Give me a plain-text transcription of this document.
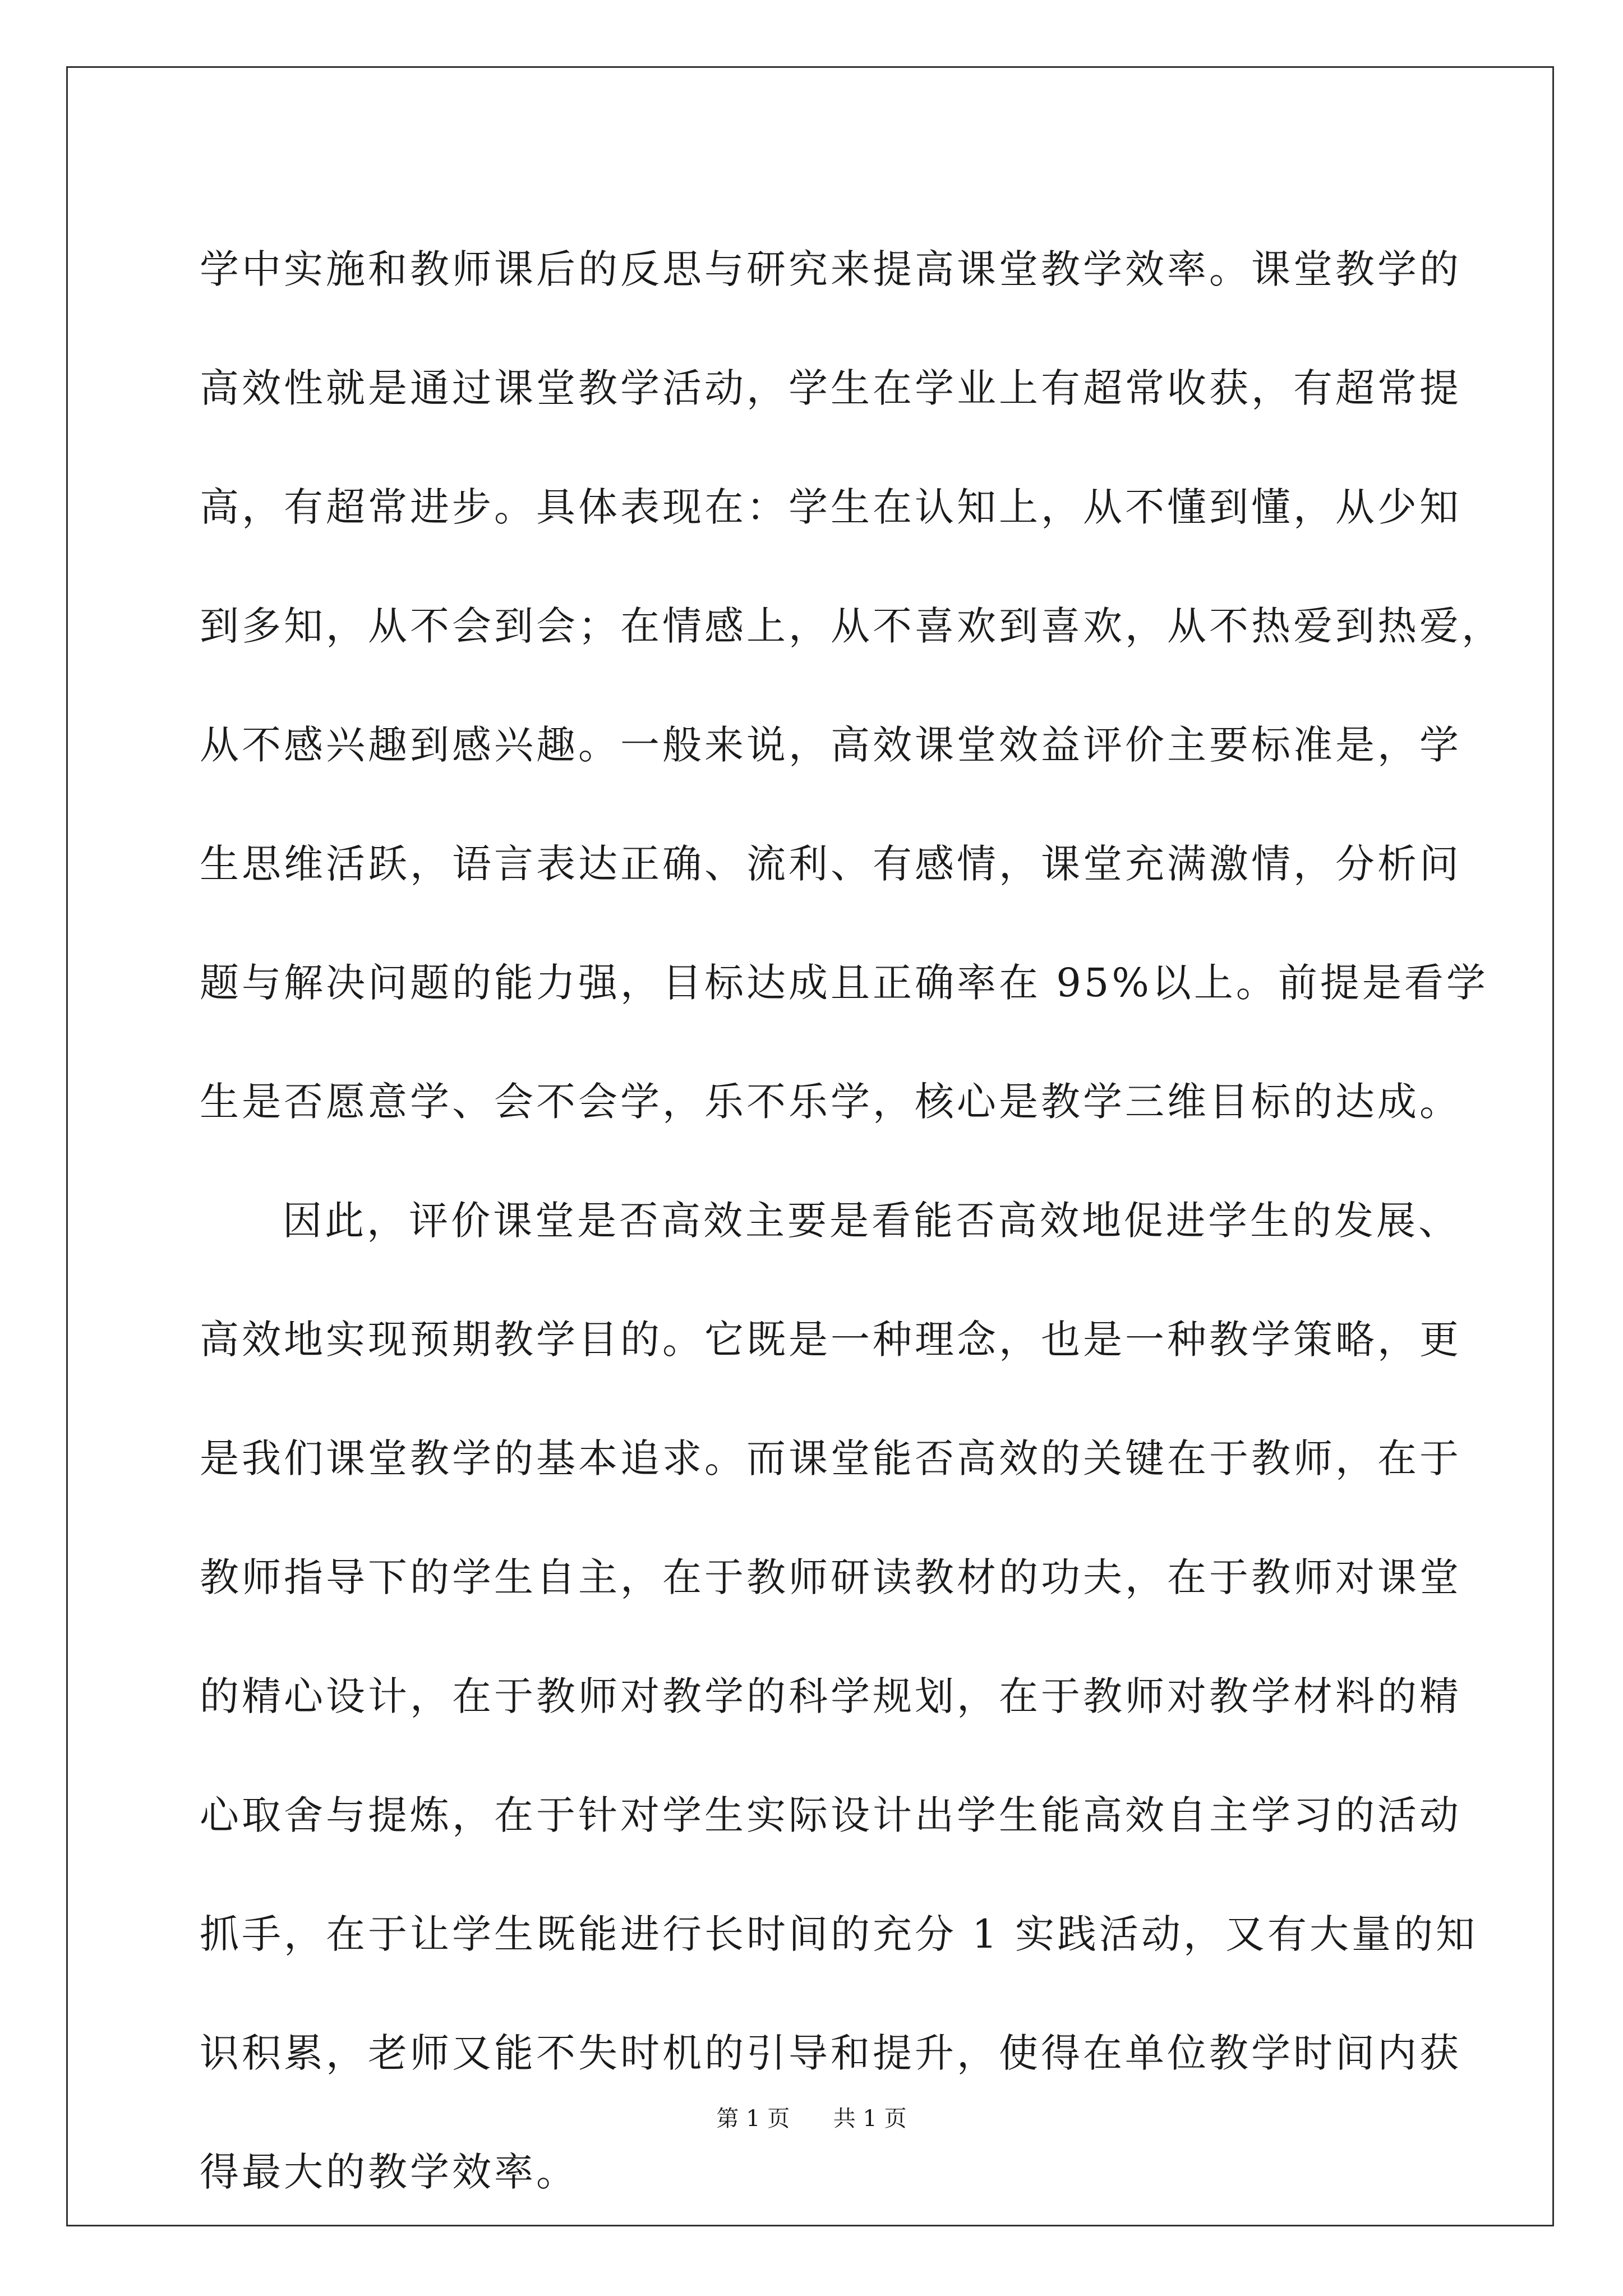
学中实施和教师课后的反思与研究来提高课堂教学效率。课堂教学的
高效性就是通过课堂教学活动，学生在学业上有超常收获，有超常提
高，有超常进步。具体表现在：学生在认知上，从不懂到懂，从少知
到多知，从不会到会；在情感上，从不喜欢到喜欢，从不热爱到热爱，
从不感兴趣到感兴趣。一般来说，高效课堂效益评价主要标准是，学
生思维活跃，语言表达正确、流利、有感情，课堂充满激情，分析问
题与解决问题的能力强，目标达成且正确率在 95%以上。前提是看学
生是否愿意学、会不会学，乐不乐学，核心是教学三维目标的达成。
因此，评价课堂是否高效主要是看能否高效地促进学生的发展、
高效地实现预期教学目的。它既是一种理念，也是一种教学策略，更
是我们课堂教学的基本追求。而课堂能否高效的关键在于教师，在于
教师指导下的学生自主，在于教师研读教材的功夫，在于教师对课堂
的精心设计，在于教师对教学的科学规划，在于教师对教学材料的精
心取舍与提炼，在于针对学生实际设计出学生能高效自主学习的活动
抓手，在于让学生既能进行长时间的充分 1 实践活动，又有大量的知
识积累，老师又能不失时机的引导和提升，使得在单位教学时间内获
得最大的教学效率。
第 1 页 共 1 页
